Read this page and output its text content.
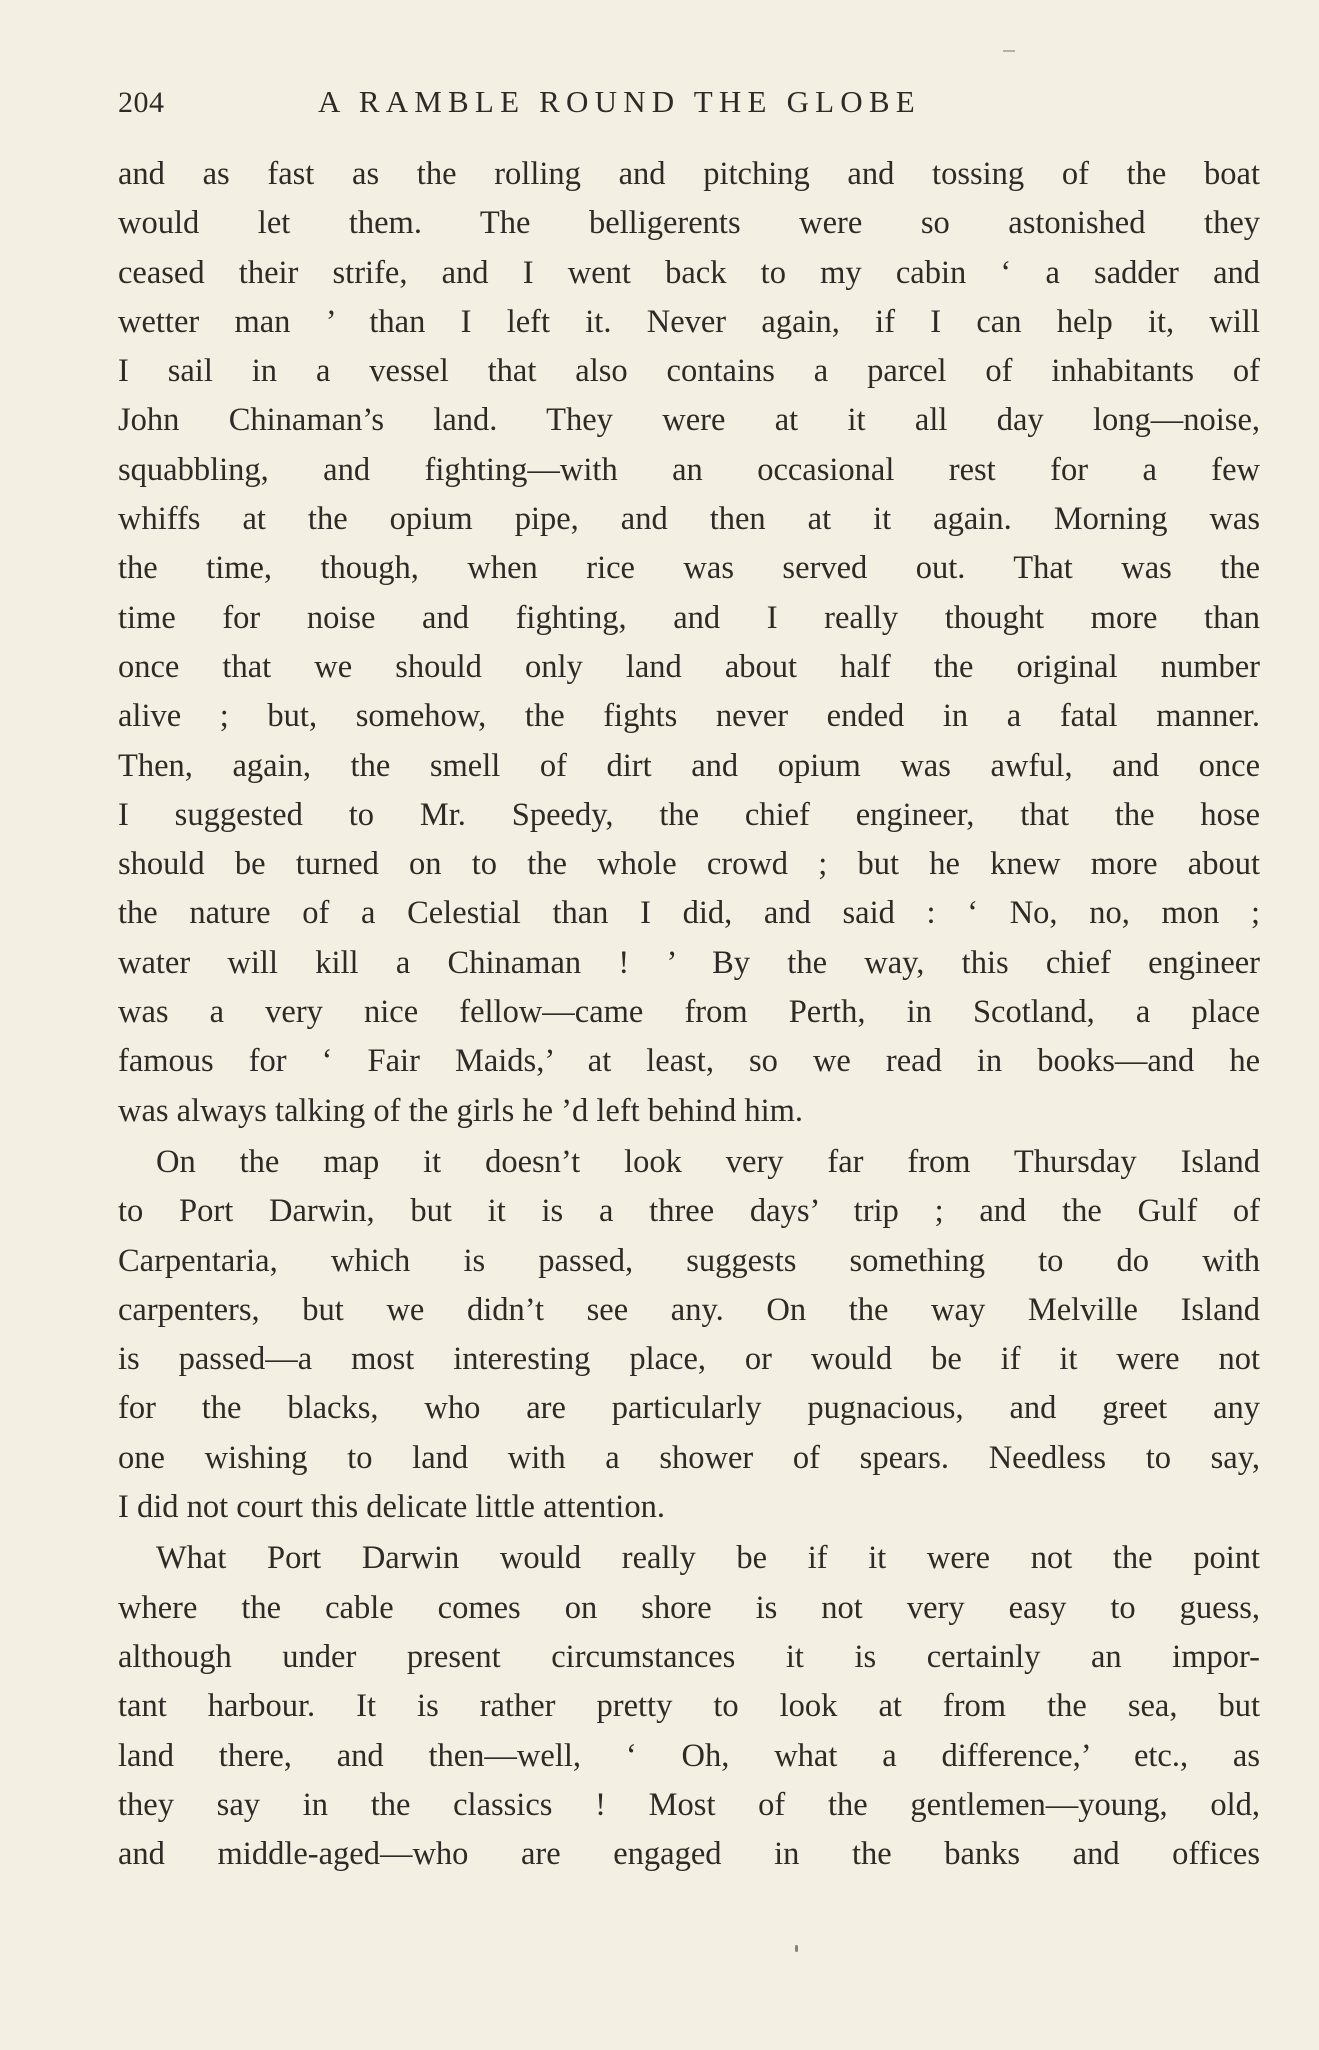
204	A RAMBLE ROUND THE GLOBE
and as fast as the rolling and pitching and tossing of the boat
would let them. The belligerents were so astonished they
ceased their strife, and I went back to my cabin ‘ a sadder and
wetter man ’ than I left it. Never again, if I can help it, will
I sail in a vessel that also contains a parcel of inhabitants of
John Chinaman’s land. They were at it all day long—noise,
squabbling, and fighting—with an occasional rest for a few
whiffs at the opium pipe, and then at it again. Morning was
the time, though, when rice was served out. That was the
time for noise and fighting, and I really thought more than
once that we should only land about half the original number
alive ; but, somehow, the fights never ended in a fatal manner.
Then, again, the smell of dirt and opium was awful, and once
I suggested to Mr. Speedy, the chief engineer, that the hose
should be turned on to the whole crowd ; but he knew more about
the nature of a Celestial than I did, and said : ‘ No, no, mon ;
water will kill a Chinaman ! ’ By the way, this chief engineer
was a very nice fellow—came from Perth, in Scotland, a place
famous for ‘ Fair Maids,’ at least, so we read in books—and he
was always talking of the girls he ’d left behind him.
On the map it doesn’t look very far from Thursday Island
to Port Darwin, but it is a three days’ trip ; and the Gulf of
Carpentaria, which is passed, suggests something to do with
carpenters, but we didn’t see any. On the way Melville Island
is passed—a most interesting place, or would be if it were not
for the blacks, who are particularly pugnacious, and greet any
one wishing to land with a shower of spears. Needless to say,
I did not court this delicate little attention.
What Port Darwin would really be if it were not the point
where the cable comes on shore is not very easy to guess,
although under present circumstances it is certainly an impor-
tant harbour. It is rather pretty to look at from the sea, but
land there, and then—well, ‘ Oh, what a difference,’ etc., as
they say in the classics ! Most of the gentlemen—young, old,
and middle-aged—who are engaged in the banks and offices
